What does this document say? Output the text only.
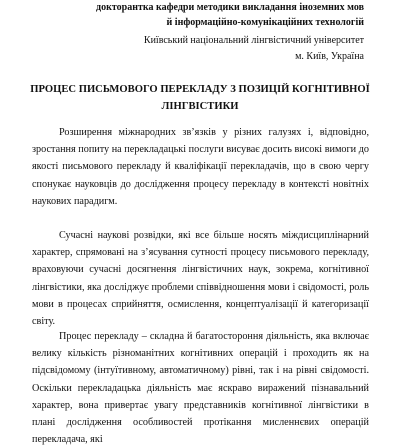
докторантка кафедри методики викладання іноземних мов
й інформаційно-комунікаційних технологій
Київський національний лінгвістичний університет
м. Київ, Україна
ПРОЦЕС ПИСЬМОВОГО ПЕРЕКЛАДУ З ПОЗИЦІЙ КОГНІТИВНОЇ
ЛІНГВІСТИКИ

Розширення міжнародних зв’язків у різних галузях і, відповідно, зростання попиту на перекладацькі послуги висуває досить високі вимоги до якості письмового перекладу й кваліфікації перекладачів, що в свою чергу спонукає науковців до дослідження процесу перекладу в контексті новітніх наукових парадигм.

Сучасні наукові розвідки, які все більше носять міждисциплінарний характер, спрямовані на з’ясування сутності процесу письмового перекладу, враховуючи сучасні досягнення лінгвістичних наук, зокрема, когнітивної лінгвістики, яка досліджує проблеми співвідношення мови і свідомості, роль мови в процесах сприйняття, осмислення, концептуалізації й категоризації світу.

Процес перекладу – складна й багатостороння діяльність, яка включає велику кількість різноманітних когнітивних операцій і проходить як на підсвідомому (інтуїтивному, автоматичному) рівні, так і на рівні свідомості. Оскільки перекладацька діяльність має яскраво виражений пізнавальний характер, вона привертає увагу представників когнітивної лінгвістики в плані дослідження особливостей протікання мисленнєвих операцій перекладача, які
